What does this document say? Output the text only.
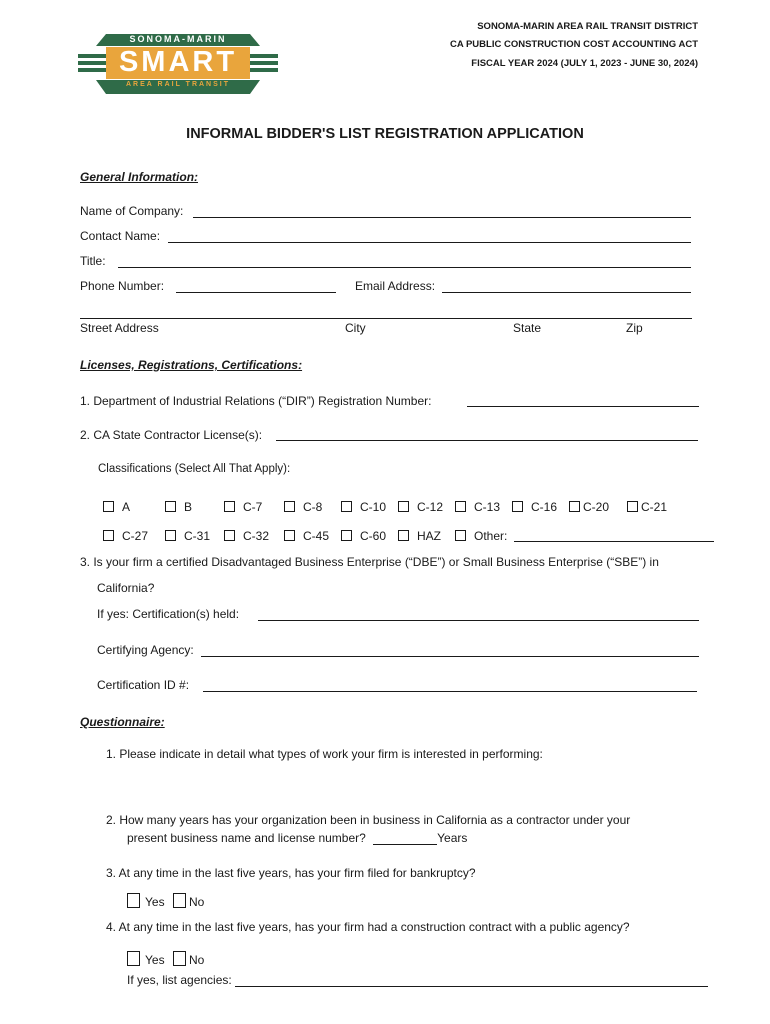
SONOMA-MARIN
SMART
AREA RAIL TRANSIT
SONOMA-MARIN AREA RAIL TRANSIT DISTRICT
CA PUBLIC CONSTRUCTION COST ACCOUNTING ACT
FISCAL YEAR 2024 (JULY 1, 2023 - JUNE 30, 2024)
INFORMAL BIDDER'S LIST REGISTRATION APPLICATION
General Information:
Name of Company:
Contact Name:
Title:
Phone Number:	Email Address:
Street Address	City	State	Zip
Licenses, Registrations, Certifications:
1. Department of Industrial Relations (“DIR”) Registration Number:
2. CA State Contractor License(s):
Classifications (Select All That Apply):
A	B	C-7	C-8	C-10	C-12	C-13	C-16	C-20	C-21
C-27	C-31	C-32	C-45	C-60	HAZ	Other:
3. Is your firm a certified Disadvantaged Business Enterprise (“DBE”) or Small Business Enterprise (“SBE”) in
California?
If yes: Certification(s) held:
Certifying Agency:
Certification ID #:
Questionnaire:
1. Please indicate in detail what types of work your firm is interested in performing:
2. How many years has your organization been in business in California as a contractor under your
present business name and license number?	Years
3. At any time in the last five years, has your firm filed for bankruptcy?
Yes	No
4. At any time in the last five years, has your firm had a construction contract with a public agency?
Yes	No
If yes, list agencies:
